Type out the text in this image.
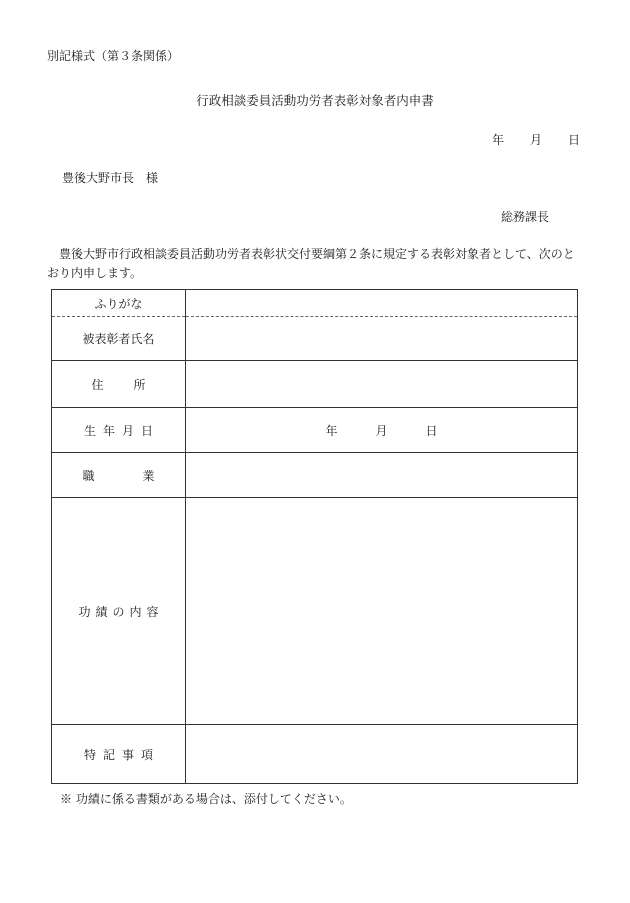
別記様式（第３条関係）
行政相談委員活動功労者表彰対象者内申書
年 月 日
豊後大野市長　様
総務課長
豊後大野市行政相談委員活動功労者表彰状交付要綱第２条に規定する表彰対象者として、次のとおり内申します。
ふりがな	
被表彰者氏名	
住所	
生年月日	年 月 日
職業	
功績の内容	
特記事項	
※ 功績に係る書類がある場合は、添付してください。
